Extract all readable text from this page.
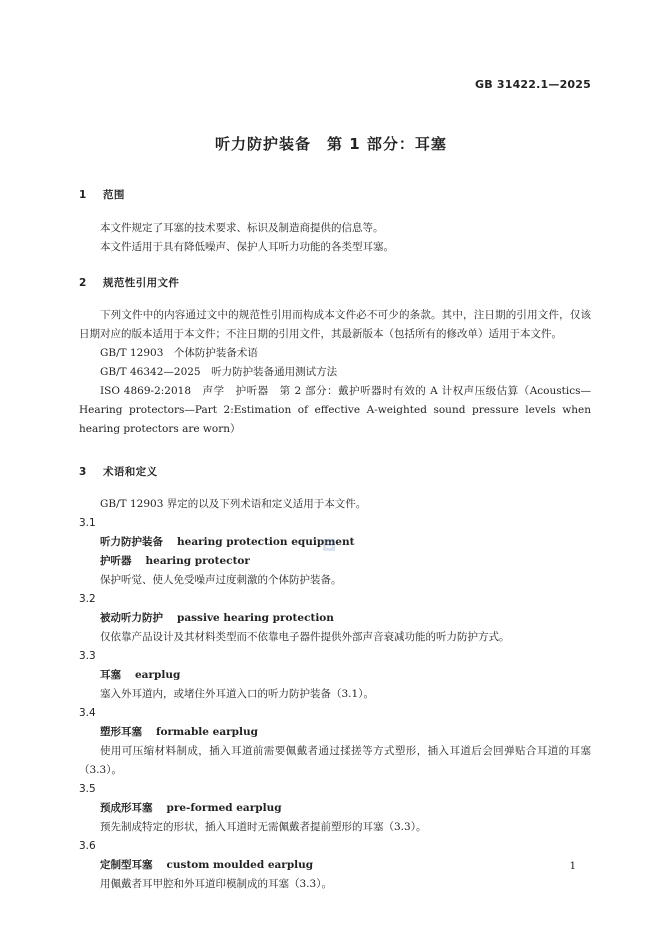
GB 31422.1—2025
听力防护装备　第 1 部分：耳塞
1 范围

本文件规定了耳塞的技术要求、标识及制造商提供的信息等。

本文件适用于具有降低噪声、保护人耳听力功能的各类型耳塞。

2 规范性引用文件

下列文件中的内容通过文中的规范性引用而构成本文件必不可少的条款。其中，注日期的引用文件，仅该日期对应的版本适用于本文件；不注日期的引用文件，其最新版本（包括所有的修改单）适用于本文件。

GB/T 12903　个体防护装备术语
GB/T 46342—2025　听力防护装备通用测试方法

ISO 4869-2:2018　声学　护听器　第 2 部分：戴护听器时有效的 A 计权声压级估算（Acoustics—Hearing protectors—Part 2:Estimation of effective A-weighted sound pressure levels when hearing protectors are worn）

3 术语和定义

GB/T 12903 界定的以及下列术语和定义适用于本文件。

3.1
听力防护装备 hearing protection equipment
护听器 hearing protector
保护听觉、使人免受噪声过度刺激的个体防护装备。
3.2
被动听力防护 passive hearing protection
仅依靠产品设计及其材料类型而不依靠电子器件提供外部声音衰减功能的听力防护方式。
3.3
耳塞 earplug
塞入外耳道内，或堵住外耳道入口的听力防护装备（3.1）。
3.4
塑形耳塞 formable earplug

使用可压缩材料制成，插入耳道前需要佩戴者通过揉搓等方式塑形，插入耳道后会回弹贴合耳道的耳塞（3.3）。

3.5
预成形耳塞 pre-formed earplug
预先制成特定的形状，插入耳道时无需佩戴者提前塑形的耳塞（3.3）。
3.6
定制型耳塞 custom moulded earplug
用佩戴者耳甲腔和外耳道印模制成的耳塞（3.3）。
1
